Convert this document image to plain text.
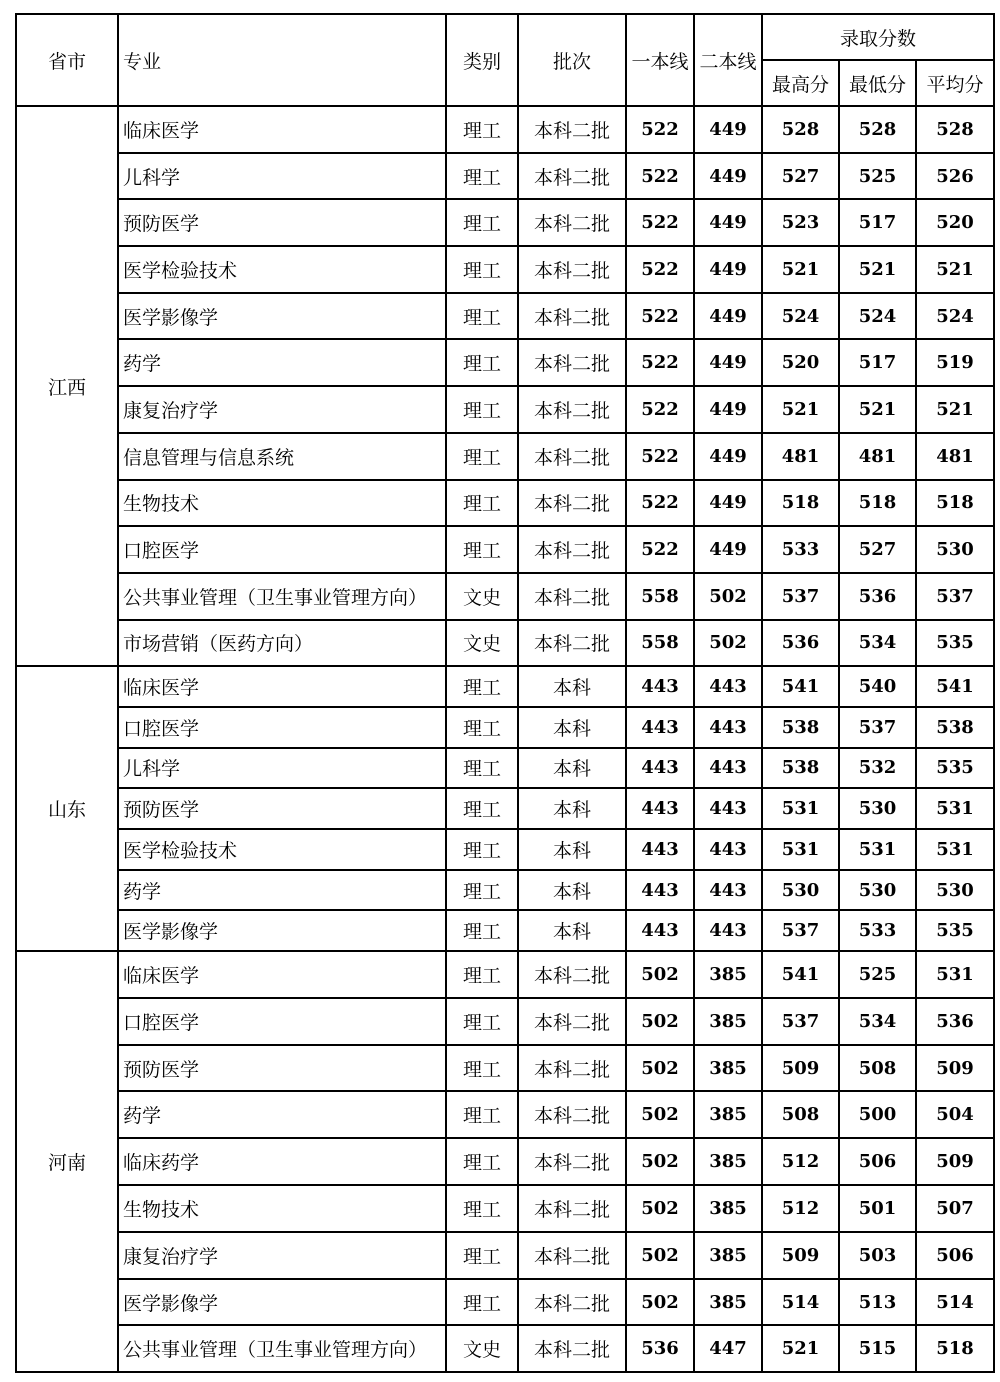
省市	专业	类别	批次	一本线	二本线	录取分数		
						最高分	最低分	平均分
江西	临床医学	理工	本科二批	522	449	528	528	528
	儿科学	理工	本科二批	522	449	527	525	526
	预防医学	理工	本科二批	522	449	523	517	520
	医学检验技术	理工	本科二批	522	449	521	521	521
	医学影像学	理工	本科二批	522	449	524	524	524
	药学	理工	本科二批	522	449	520	517	519
	康复治疗学	理工	本科二批	522	449	521	521	521
	信息管理与信息系统	理工	本科二批	522	449	481	481	481
	生物技术	理工	本科二批	522	449	518	518	518
	口腔医学	理工	本科二批	522	449	533	527	530
	公共事业管理（卫生事业管理方向）	文史	本科二批	558	502	537	536	537
	市场营销（医药方向）	文史	本科二批	558	502	536	534	535
山东	临床医学	理工	本科	443	443	541	540	541
	口腔医学	理工	本科	443	443	538	537	538
	儿科学	理工	本科	443	443	538	532	535
	预防医学	理工	本科	443	443	531	530	531
	医学检验技术	理工	本科	443	443	531	531	531
	药学	理工	本科	443	443	530	530	530
	医学影像学	理工	本科	443	443	537	533	535
河南	临床医学	理工	本科二批	502	385	541	525	531
	口腔医学	理工	本科二批	502	385	537	534	536
	预防医学	理工	本科二批	502	385	509	508	509
	药学	理工	本科二批	502	385	508	500	504
	临床药学	理工	本科二批	502	385	512	506	509
	生物技术	理工	本科二批	502	385	512	501	507
	康复治疗学	理工	本科二批	502	385	509	503	506
	医学影像学	理工	本科二批	502	385	514	513	514
	公共事业管理（卫生事业管理方向）	文史	本科二批	536	447	521	515	518
